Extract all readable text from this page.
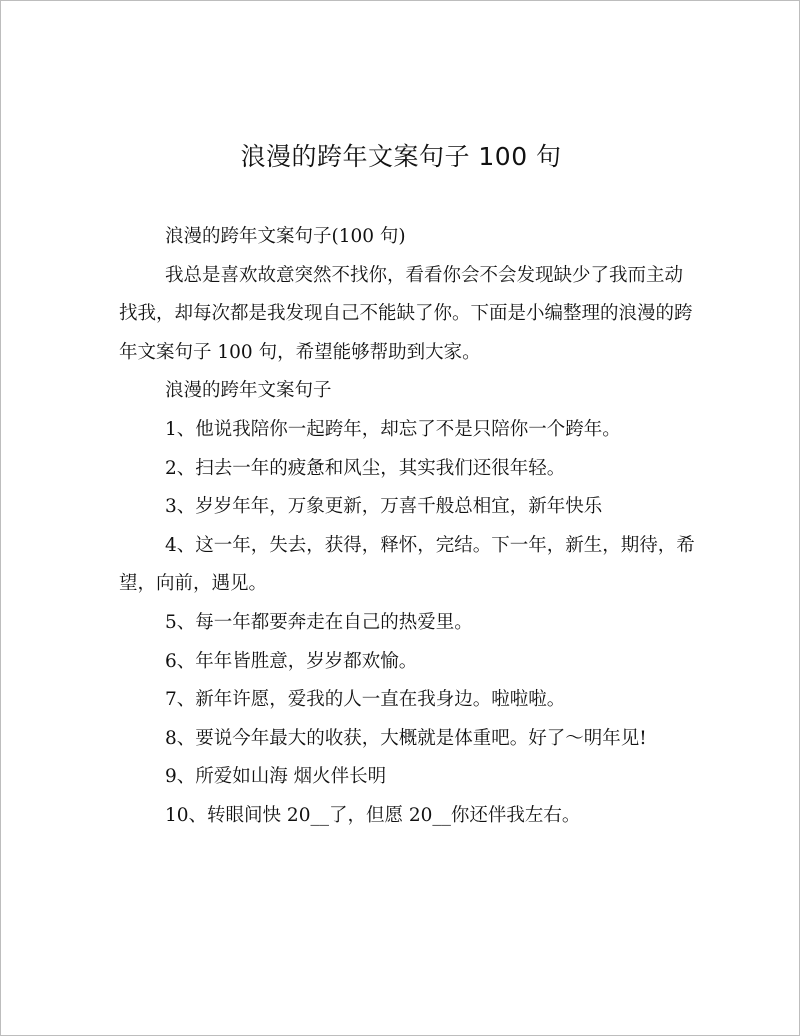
浪漫的跨年文案句子 100 句

浪漫的跨年文案句子(100 句)

我总是喜欢故意突然不找你，看看你会不会发现缺少了我而主动找我，却每次都是我发现自己不能缺了你。下面是小编整理的浪漫的跨年文案句子 100 句，希望能够帮助到大家。

浪漫的跨年文案句子

1、他说我陪你一起跨年，却忘了不是只陪你一个跨年。

2、扫去一年的疲惫和风尘，其实我们还很年轻。

3、岁岁年年，万象更新，万喜千般总相宜，新年快乐

4、这一年，失去，获得，释怀，完结。下一年，新生，期待，希望，向前，遇见。

5、每一年都要奔走在自己的热爱里。

6、年年皆胜意，岁岁都欢愉。

7、新年许愿，爱我的人一直在我身边。啦啦啦。

8、要说今年最大的收获，大概就是体重吧。好了～明年见!

9、所爱如山海 烟火伴长明

10、转眼间快 20__了，但愿 20__你还伴我左右。
